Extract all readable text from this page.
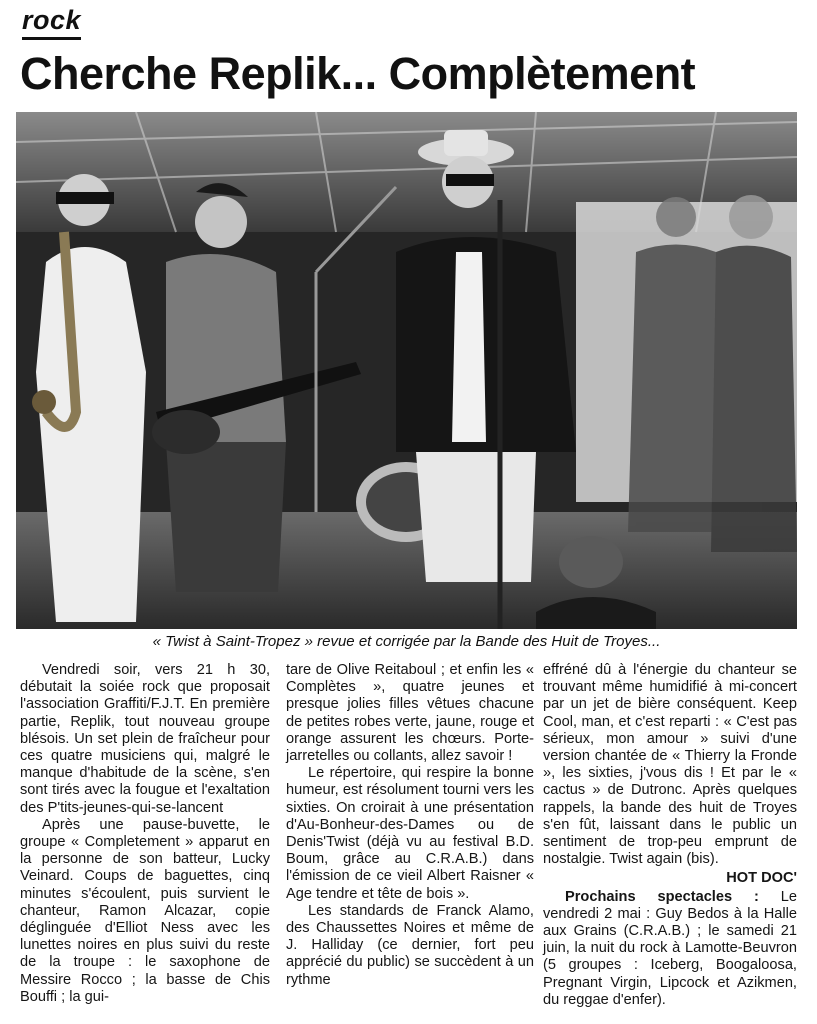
rock
Cherche Replik... Complètement
« Twist à Saint-Tropez » revue et corrigée par la Bande des Huit de Troyes...

Vendredi soir, vers 21 h 30, débutait la soiée rock que proposait l'association Graffiti/F.J.T. En première partie, Replik, tout nouveau groupe blésois. Un set plein de fraîcheur pour ces quatre musiciens qui, malgré le manque d'habitude de la scène, s'en sont tirés avec la fougue et l'exaltation des P'tits-jeunes-qui-se-lancent

Après une pause-buvette, le groupe « Completement » apparut en la personne de son batteur, Lucky Veinard. Coups de baguettes, cinq minutes s'écoulent, puis survient le chanteur, Ramon Alcazar, copie déglinguée d'Elliot Ness avec les lunettes noires en plus suivi du reste de la troupe : le saxophone de Messire Rocco ; la basse de Chis Bouffi ; la gui-

tare de Olive Reitaboul ; et enfin les « Complètes », quatre jeunes et presque jolies filles vêtues chacune de petites robes verte, jaune, rouge et orange assurent les chœurs. Porte-jarretelles ou collants, allez savoir !

Le répertoire, qui respire la bonne humeur, est résolument tourni vers les sixties. On croirait à une présentation d'Au-Bonheur-des-Dames ou de Denis'Twist (déjà vu au festival B.D. Boum, grâce au C.R.A.B.) dans l'émission de ce vieil Albert Raisner « Age tendre et tête de bois ».

Les standards de Franck Alamo, des Chaussettes Noires et même de J. Halliday (ce dernier, fort peu apprécié du public) se succèdent à un rythme

effréné dû à l'énergie du chanteur se trouvant même humidifié à mi-concert par un jet de bière conséquent. Keep Cool, man, et c'est reparti : « C'est pas sérieux, mon amour » suivi d'une version chantée de « Thierry la Fronde », les sixties, j'vous dis ! Et par le « cactus » de Dutronc. Après quelques rappels, la bande des huit de Troyes s'en fût, laissant dans le public un sentiment de trop-peu emprunt de nostalgie. Twist again (bis).

HOT DOC'

Prochains spectacles : Le vendredi 2 mai : Guy Bedos à la Halle aux Grains (C.R.A.B.) ; le samedi 21 juin, la nuit du rock à Lamotte-Beuvron (5 groupes : Iceberg, Boogaloosa, Pregnant Virgin, Lipcock et Azikmen, du reggae d'enfer).
